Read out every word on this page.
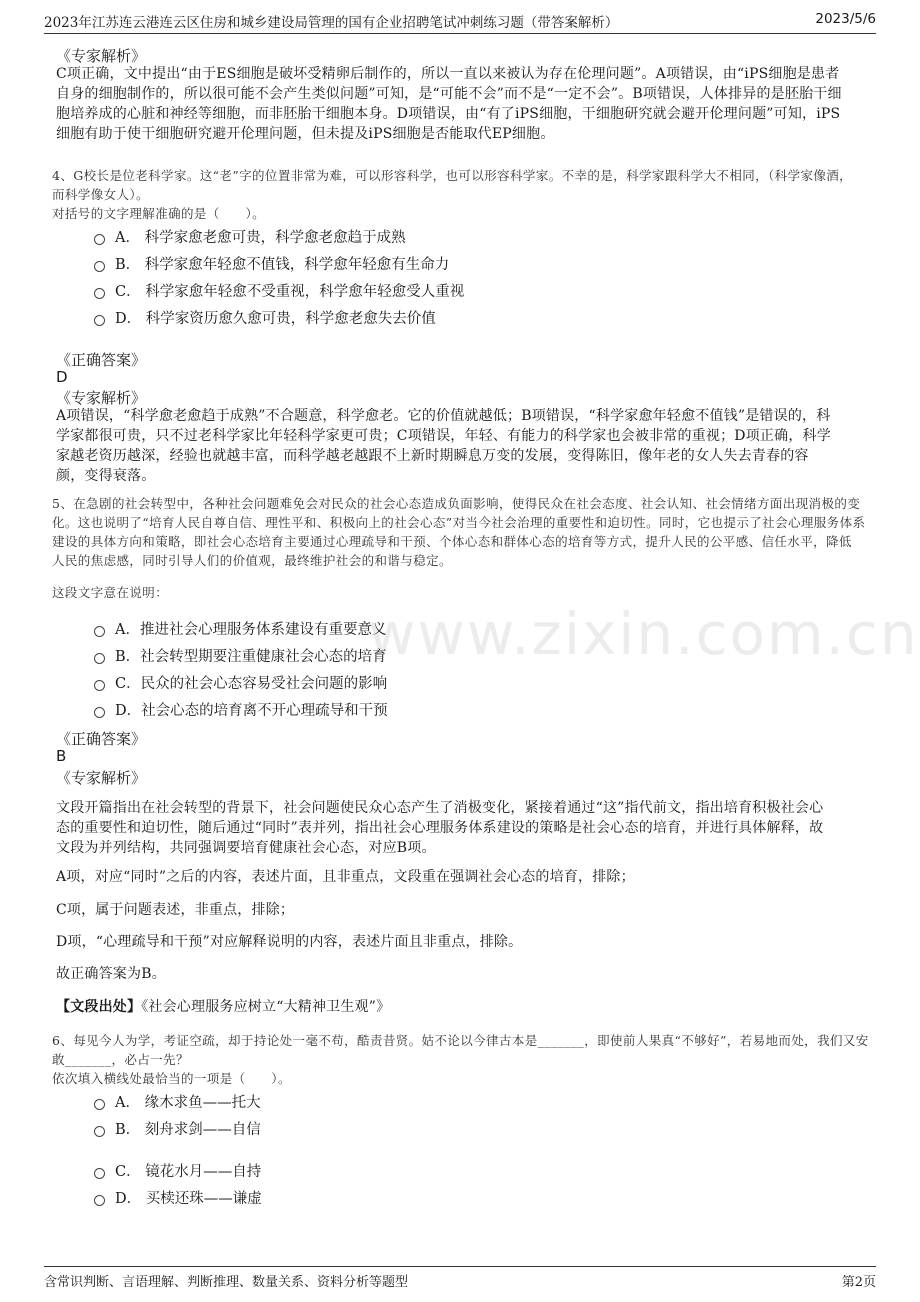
2023年江苏连云港连云区住房和城乡建设局管理的国有企业招聘笔试冲刺练习题（带答案解析）	2023/5/6
www.zixin.com.cn
《专家解析》
C项正确，文中提出“由于ES细胞是破坏受精卵后制作的，所以一直以来被认为存在伦理问题”。A项错误，由“iPS细胞是患者
自身的细胞制作的，所以很可能不会产生类似问题”可知，是“可能不会”而不是“一定不会”。B项错误，人体排异的是胚胎干细
胞培养成的心脏和神经等细胞，而非胚胎干细胞本身。D项错误，由“有了iPS细胞，干细胞研究就会避开伦理问题”可知，iPS
细胞有助于使干细胞研究避开伦理问题，但未提及iPS细胞是否能取代EP细胞。
4、G校长是位老科学家。这“老”字的位置非常为难，可以形容科学，也可以形容科学家。不幸的是，科学家跟科学大不相同，（科学家像酒，
而科学像女人）。
对括号的文字理解准确的是（　　）。
A． 科学家愈老愈可贵，科学愈老愈趋于成熟
B． 科学家愈年轻愈不值钱，科学愈年轻愈有生命力
C． 科学家愈年轻愈不受重视，科学愈年轻愈受人重视
D． 科学家资历愈久愈可贵，科学愈老愈失去价值
《正确答案》
D
《专家解析》
A项错误，“科学愈老愈趋于成熟”不合题意，科学愈老。它的价值就越低；B项错误，“科学家愈年轻愈不值钱”是错误的，科
学家都很可贵，只不过老科学家比年轻科学家更可贵；C项错误，年轻、有能力的科学家也会被非常的重视；D项正确，科学
家越老资历越深，经验也就越丰富，而科学越老越跟不上新时期瞬息万变的发展，变得陈旧，像年老的女人失去青春的容
颜，变得衰落。
5、在急剧的社会转型中，各种社会问题难免会对民众的社会心态造成负面影响，使得民众在社会态度、社会认知、社会情绪方面出现消极的变
化。这也说明了“培育人民自尊自信、理性平和、积极向上的社会心态”对当今社会治理的重要性和迫切性。同时，它也提示了社会心理服务体系
建设的具体方向和策略，即社会心态培育主要通过心理疏导和干预、个体心态和群体心态的培育等方式，提升人民的公平感、信任水平，降低
人民的焦虑感，同时引导人们的价值观，最终维护社会的和谐与稳定。
这段文字意在说明：
A．推进社会心理服务体系建设有重要意义
B．社会转型期要注重健康社会心态的培育
C．民众的社会心态容易受社会问题的影响
D．社会心态的培育离不开心理疏导和干预
《正确答案》
B
《专家解析》
文段开篇指出在社会转型的背景下，社会问题使民众心态产生了消极变化，紧接着通过“这”指代前文，指出培育积极社会心
态的重要性和迫切性，随后通过“同时”表并列，指出社会心理服务体系建设的策略是社会心态的培育，并进行具体解释，故
文段为并列结构，共同强调要培育健康社会心态，对应B项。
A项，对应“同时”之后的内容，表述片面，且非重点，文段重在强调社会心态的培育，排除；
C项，属于问题表述，非重点，排除；
D项，“心理疏导和干预”对应解释说明的内容，表述片面且非重点，排除。
故正确答案为B。
【文段出处】《社会心理服务应树立“大精神卫生观”》
6、每见今人为学，考证空疏，却于持论处一毫不苟，酷责昔贤。姑不论以今律古本是_______，即使前人果真“不够好”，若易地而处，我们又安
敢_______，必占一先？
依次填入横线处最恰当的一项是（　　）。
A． 缘木求鱼——托大
B． 刻舟求剑——自信
C． 镜花水月——自持
D． 买椟还珠——谦虚
含常识判断、言语理解、判断推理、数量关系、资料分析等题型	第2页
